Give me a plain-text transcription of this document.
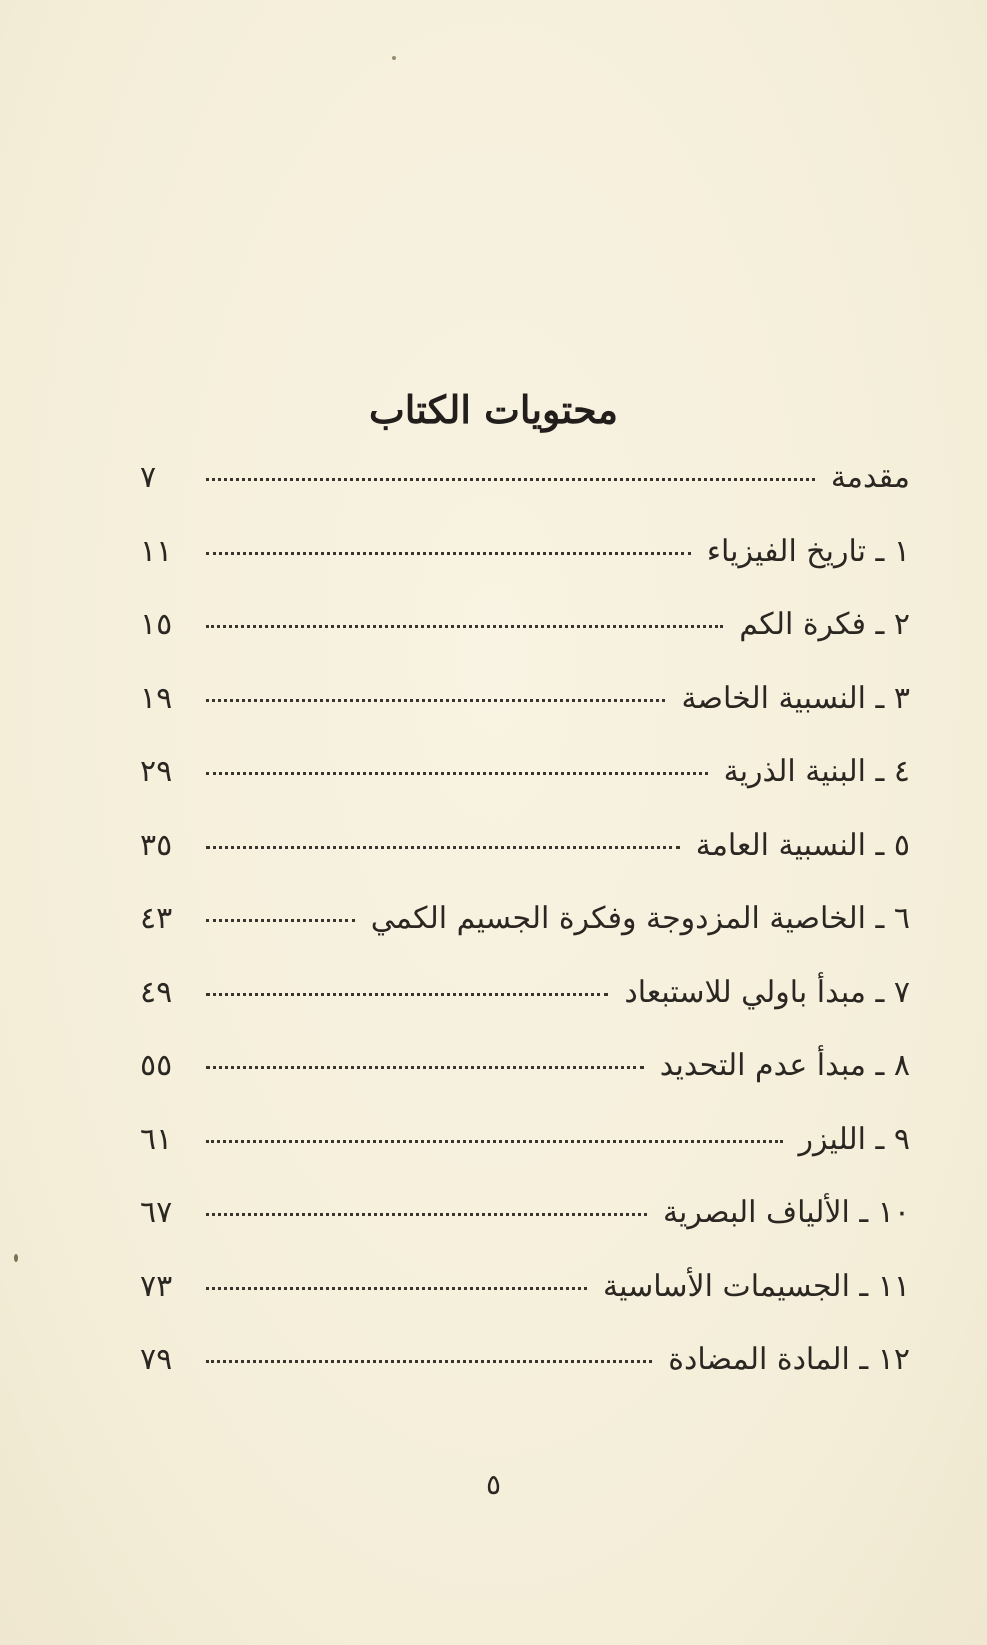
محتويات الكتاب
مقدمة
٧
١ ـ تاريخ الفيزياء
١١
٢ ـ فكرة الكم
١٥
٣ ـ النسبية الخاصة
١٩
٤ ـ البنية الذرية
٢٩
٥ ـ النسبية العامة
٣٥
٦ ـ الخاصية المزدوجة وفكرة الجسيم الكمي
٤٣
٧ ـ مبدأ باولي للاستبعاد
٤٩
٨ ـ مبدأ عدم التحديد
٥٥
٩ ـ الليزر
٦١
١٠ ـ الألياف البصرية
٦٧
١١ ـ الجسيمات الأساسية
٧٣
١٢ ـ المادة المضادة
٧٩
٥
